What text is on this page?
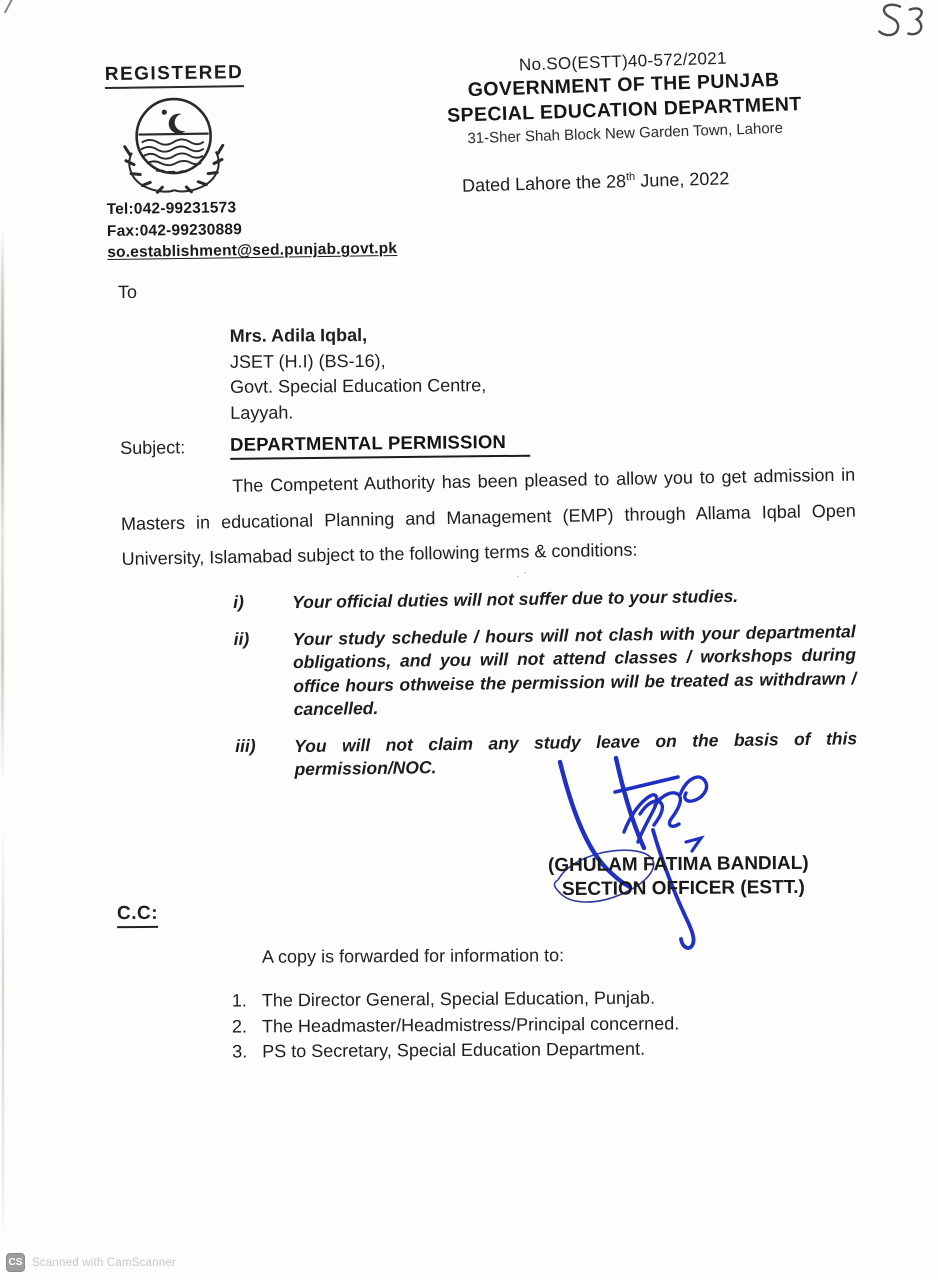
.·
REGISTERED
Tel:042-99231573
Fax:042-99230889
so.establishment@sed.punjab.govt.pk
No.SO(ESTT)40-572/2021
GOVERNMENT OF THE PUNJAB
SPECIAL EDUCATION DEPARTMENT
31-Sher Shah Block New Garden Town, Lahore
Dated Lahore the 28th June, 2022
To
Mrs. Adila Iqbal,
JSET (H.I) (BS-16),
Govt. Special Education Centre,
Layyah.
Subject: DEPARTMENTAL PERMISSION
The Competent Authority has been pleased to allow you to get admission in Masters in educational Planning and Management (EMP) through Allama Iqbal Open University, Islamabad subject to the following terms & conditions:
i)	Your official duties will not suffer due to your studies.
ii)	Your study schedule / hours will not clash with your departmental obligations, and you will not attend classes / workshops during office hours othweise the permission will be treated as withdrawn / cancelled.
iii)	You will not claim any study leave on the basis of this permission/NOC.
(GHULAM FATIMA BANDIAL)
SECTION OFFICER (ESTT.)
C.C:
A copy is forwarded for information to:
1. The Director General, Special Education, Punjab.
2. The Headmaster/Headmistress/Principal concerned.
3. PS to Secretary, Special Education Department.
CS Scanned with CamScanner
